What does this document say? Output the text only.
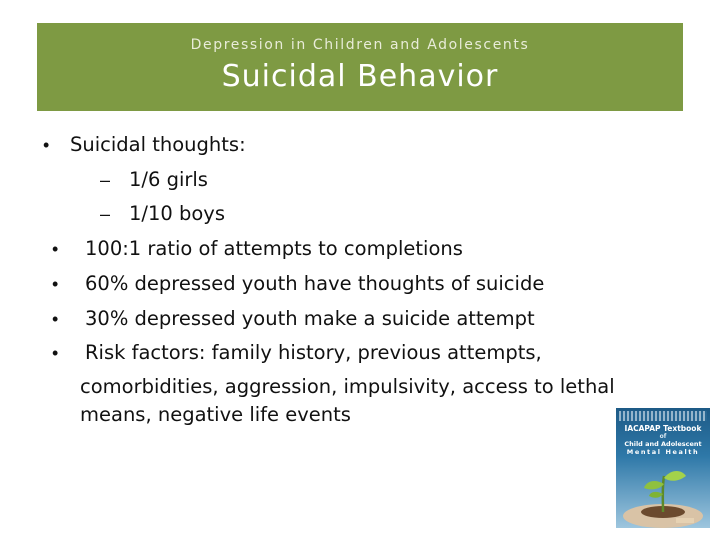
Depression in Children and Adolescents
Suicidal Behavior
• Suicidal thoughts:
– 1/6 girls
– 1/10 boys
• 100:1 ratio of attempts to completions
• 60% depressed youth have thoughts of suicide
• 30% depressed youth make a suicide attempt
• Risk factors: family history, previous attempts,
comorbidities, aggression, impulsivity, access to lethal
means, negative life events
IACAPAP Textbook
of
Child and Adolescent
Mental Health
